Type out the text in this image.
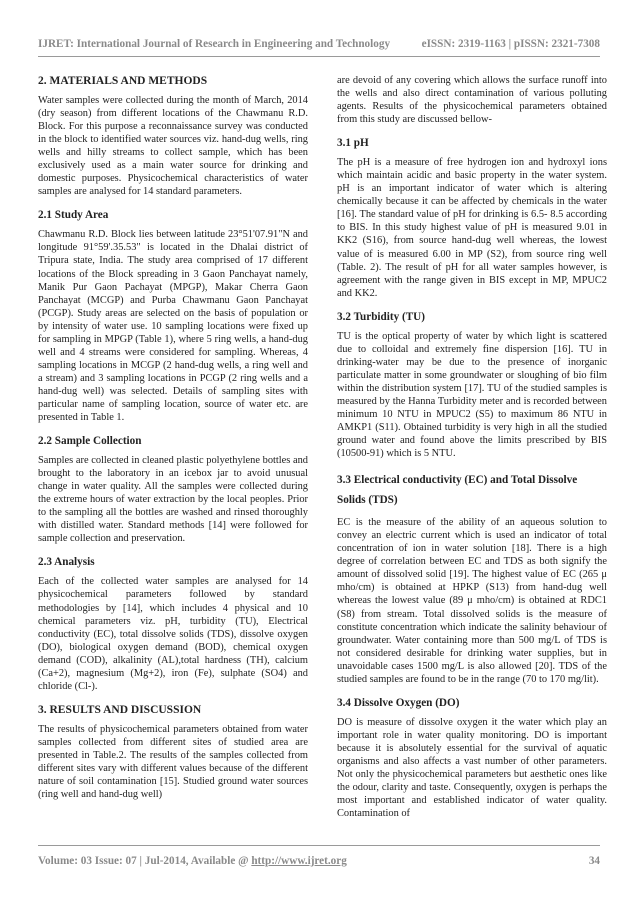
IJRET: International Journal of Research in Engineering and Technology	eISSN: 2319-1163 | pISSN: 2321-7308
2. MATERIALS AND METHODS

Water samples were collected during the month of March, 2014 (dry season) from different locations of the Chawmanu R.D. Block. For this purpose a reconnaissance survey was conducted in the block to identified water sources viz. hand-dug wells, ring wells and hilly streams to collect sample, which has been exclusively used as a main water source for drinking and domestic purposes. Physicochemical characteristics of water samples are analysed for 14 standard parameters.

2.1 Study Area

Chawmanu R.D. Block lies between latitude 23°51'07.91"N and longitude 91°59'.35.53" is located in the Dhalai district of Tripura state, India. The study area comprised of 17 different locations of the Block spreading in 3 Gaon Panchayat namely, Manik Pur Gaon Pachayat (MPGP), Makar Cherra Gaon Panchayat (MCGP) and Purba Chawmanu Gaon Panchayat (PCGP). Study areas are selected on the basis of population or by intensity of water use. 10 sampling locations were fixed up for sampling in MPGP (Table 1), where 5 ring wells, a hand-dug well and 4 streams were considered for sampling. Whereas, 4 sampling locations in MCGP (2 hand-dug wells, a ring well and a stream) and 3 sampling locations in PCGP (2 ring wells and a hand-dug well) was selected. Details of sampling sites with particular name of sampling location, source of water etc. are presented in Table 1.

2.2 Sample Collection

Samples are collected in cleaned plastic polyethylene bottles and brought to the laboratory in an icebox jar to avoid unusual change in water quality. All the samples were collected during the extreme hours of water extraction by the local peoples. Prior to the sampling all the bottles are washed and rinsed thoroughly with distilled water. Standard methods [14] were followed for sample collection and preservation.

2.3 Analysis

Each of the collected water samples are analysed for 14 physicochemical parameters followed by standard methodologies by [14], which includes 4 physical and 10 chemical parameters viz. pH, turbidity (TU), Electrical conductivity (EC), total dissolve solids (TDS), dissolve oxygen (DO), biological oxygen demand (BOD), chemical oxygen demand (COD), alkalinity (AL),total hardness (TH), calcium (Ca+2), magnesium (Mg+2), iron (Fe), sulphate (SO4) and chloride (Cl-).

3. RESULTS AND DISCUSSION

The results of physicochemical parameters obtained from water samples collected from different sites of studied area are presented in Table.2. The results of the samples collected from different sites vary with different values because of the different nature of soil contamination [15]. Studied ground water sources (ring well and hand-dug well)

are devoid of any covering which allows the surface runoff into the wells and also direct contamination of various polluting agents. Results of the physicochemical parameters obtained from this study are discussed bellow-

3.1 pH

The pH is a measure of free hydrogen ion and hydroxyl ions which maintain acidic and basic property in the water system. pH is an important indicator of water which is altering chemically because it can be affected by chemicals in the water [16]. The standard value of pH for drinking is 6.5- 8.5 according to BIS. In this study highest value of pH is measured 9.01 in KK2 (S16), from source hand-dug well whereas, the lowest value of is measured 6.00 in MP (S2), from source ring well (Table. 2). The result of pH for all water samples however, is agreement with the range given in BIS except in MP, MPUC2 and KK2.

3.2 Turbidity (TU)

TU is the optical property of water by which light is scattered due to colloidal and extremely fine dispersion [16]. TU in drinking-water may be due to the presence of inorganic particulate matter in some groundwater or sloughing of bio film within the distribution system [17]. TU of the studied samples is measured by the Hanna Turbidity meter and is recorded between minimum 10 NTU in MPUC2 (S5) to maximum 86 NTU in AMKP1 (S11). Obtained turbidity is very high in all the studied ground water and found above the limits prescribed by BIS (10500-91) which is 5 NTU.

3.3 Electrical conductivity (EC) and Total Dissolve Solids (TDS)

EC is the measure of the ability of an aqueous solution to convey an electric current which is used an indicator of total concentration of ion in water solution [18]. There is a high degree of correlation between EC and TDS as both signify the amount of dissolved solid [19]. The highest value of EC (265 μ mho/cm) is obtained at HPKP (S13) from hand-dug well whereas the lowest value (89 μ mho/cm) is obtained at RDC1 (S8) from stream. Total dissolved solids is the measure of constitute concentration which indicate the salinity behaviour of groundwater. Water containing more than 500 mg/L of TDS is not considered desirable for drinking water supplies, but in unavoidable cases 1500 mg/L is also allowed [20]. TDS of the studied samples are found to be in the range (70 to 170 mg/lit).

3.4 Dissolve Oxygen (DO)

DO is measure of dissolve oxygen it the water which play an important role in water quality monitoring. DO is important because it is absolutely essential for the survival of aquatic organisms and also affects a vast number of other parameters. Not only the physicochemical parameters but aesthetic ones like the odour, clarity and taste. Consequently, oxygen is perhaps the most important and established indicator of water quality. Contamination of

Volume: 03 Issue: 07 | Jul-2014, Available @ http://www.ijret.org	34
